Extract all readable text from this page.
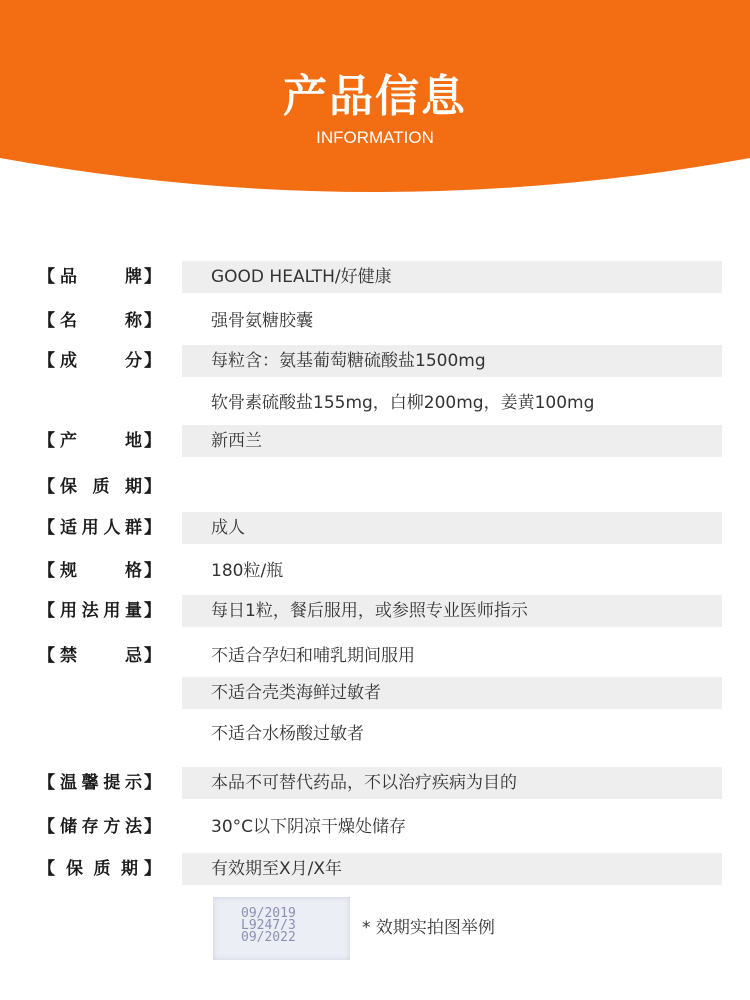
产品信息
INFORMATION
【 品	牌 】	GOOD HEALTH/好健康
【 名	称 】	强骨氨糖胶囊
【 成	分 】	每粒含：氨基葡萄糖硫酸盐1500mg
软骨素硫酸盐155mg，白柳200mg，姜黄100mg
【 产	地 】	新西兰
【 保 质 期 】
【 适 用 人 群 】	成人
【 规	格 】	180粒/瓶
【 用 法 用 量 】	每日1粒，餐后服用，或参照专业医师指示
【 禁	忌 】	不适合孕妇和哺乳期间服用
不适合壳类海鲜过敏者
不适合水杨酸过敏者
【 温 馨 提 示 】	本品不可替代药品，不以治疗疾病为目的
【 储 存 方 法 】	30°C以下阴凉干燥处储存
【 保 质 期 】	有效期至X月/X年
09/2019
L9247/3
09/2022	* 效期实拍图举例
